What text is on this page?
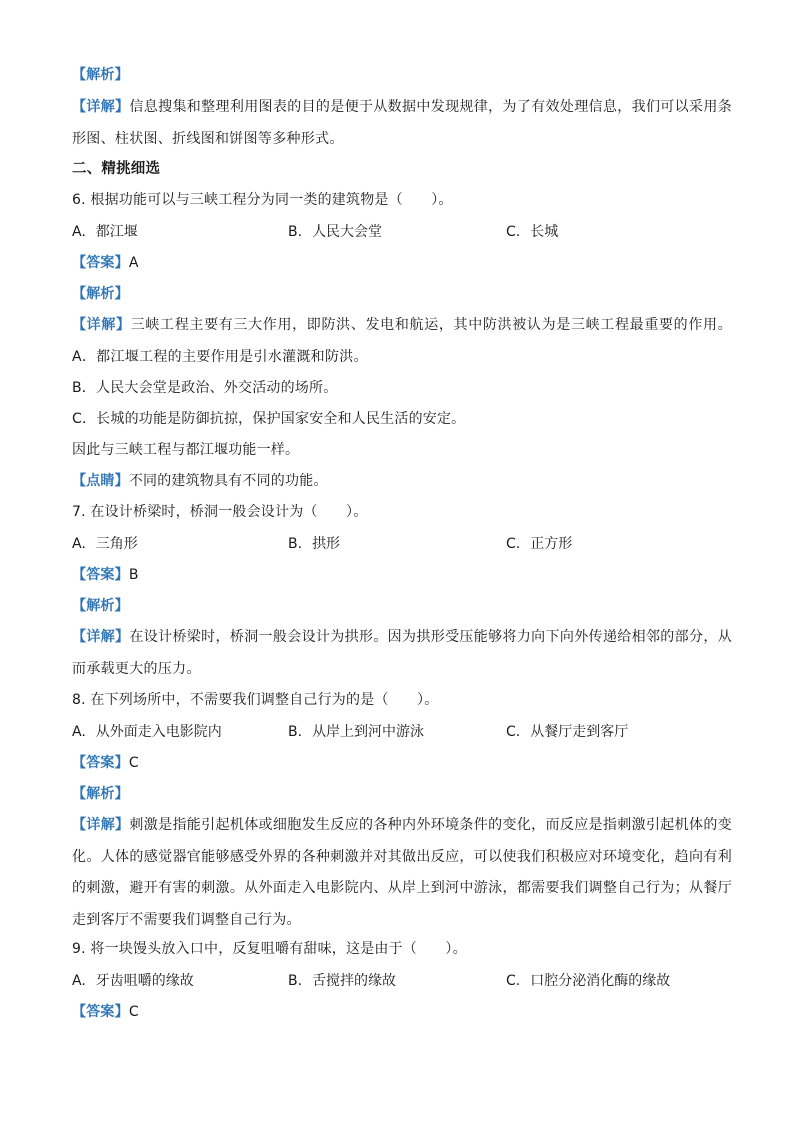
【解析】
【详解】信息搜集和整理利用图表的目的是便于从数据中发现规律，为了有效处理信息，我们可以采用条形图、柱状图、折线图和饼图等多种形式。
二、精挑细选
6. 根据功能可以与三峡工程分为同一类的建筑物是（　　）。
A. 都江堰	B. 人民大会堂	C. 长城
【答案】A
【解析】
【详解】三峡工程主要有三大作用，即防洪、发电和航运，其中防洪被认为是三峡工程最重要的作用。A．都江堰工程的主要作用是引水灌溉和防洪。
B．人民大会堂是政治、外交活动的场所。
C．长城的功能是防御抗掠，保护国家安全和人民生活的安定。
因此与三峡工程与都江堰功能一样。
【点睛】不同的建筑物具有不同的功能。
7. 在设计桥梁时，桥洞一般会设计为（　　）。
A. 三角形	B. 拱形	C. 正方形
【答案】B
【解析】
【详解】在设计桥梁时，桥洞一般会设计为拱形。因为拱形受压能够将力向下向外传递给相邻的部分，从而承载更大的压力。
8. 在下列场所中，不需要我们调整自己行为的是（　　）。
A. 从外面走入电影院内	B. 从岸上到河中游泳	C. 从餐厅走到客厅
【答案】C
【解析】
【详解】刺激是指能引起机体或细胞发生反应的各种内外环境条件的变化，而反应是指刺激引起机体的变化。人体的感觉器官能够感受外界的各种刺激并对其做出反应，可以使我们积极应对环境变化，趋向有利的刺激，避开有害的刺激。从外面走入电影院内、从岸上到河中游泳，都需要我们调整自己行为；从餐厅走到客厅不需要我们调整自己行为。
9. 将一块馒头放入口中，反复咀嚼有甜味，这是由于（　　）。
A. 牙齿咀嚼的缘故	B. 舌搅拌的缘故	C. 口腔分泌消化酶的缘故
【答案】C
